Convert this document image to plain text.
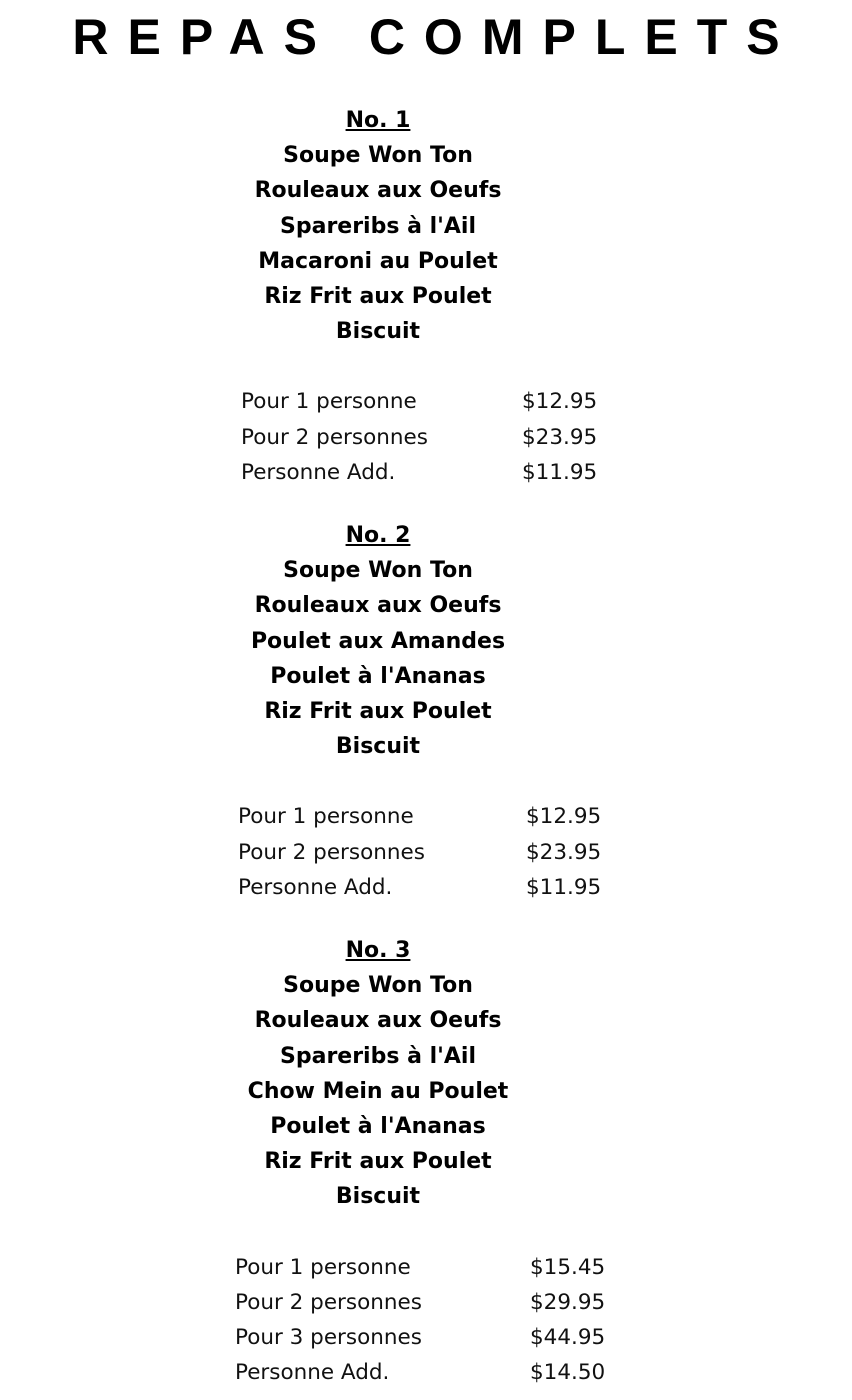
REPAS COMPLETS
No. 1
Soupe Won Ton
Rouleaux aux Oeufs
Spareribs à l'Ail
Macaroni au Poulet
Riz Frit aux Poulet
Biscuit
Pour 1 personne	$12.95
Pour 2 personnes	$23.95
Personne Add.	$11.95
No. 2
Soupe Won Ton
Rouleaux aux Oeufs
Poulet aux Amandes
Poulet à l'Ananas
Riz Frit aux Poulet
Biscuit
Pour 1 personne	$12.95
Pour 2 personnes	$23.95
Personne Add.	$11.95
No. 3
Soupe Won Ton
Rouleaux aux Oeufs
Spareribs à l'Ail
Chow Mein au Poulet
Poulet à l'Ananas
Riz Frit aux Poulet
Biscuit
Pour 1 personne	$15.45
Pour 2 personnes	$29.95
Pour 3 personnes	$44.95
Personne Add.	$14.50
